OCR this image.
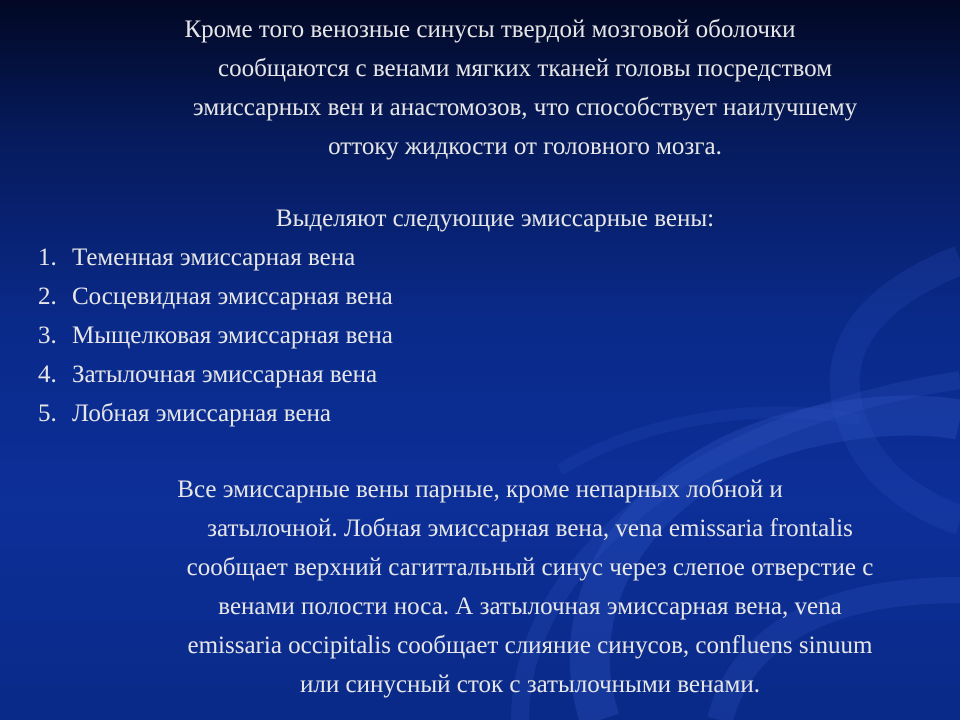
Кроме того венозные синусы твердой мозговой оболочки
сообщаются с венами мягких тканей головы посредством
эмиссарных вен и анастомозов, что способствует наилучшему
оттоку жидкости от головного мозга.
Выделяют следующие эмиссарные вены:
1. Теменная эмиссарная вена
2. Сосцевидная эмиссарная вена
3. Мыщелковая эмиссарная вена
4. Затылочная эмиссарная вена
5. Лобная эмиссарная вена
Все эмиссарные вены парные, кроме непарных лобной и
затылочной. Лобная эмиссарная вена, vena emissaria frontalis
сообщает верхний сагиттальный синус через слепое отверстие с
венами полости носа. А затылочная эмиссарная вена, vena
emissaria occipitalis сообщает слияние синусов, confluens sinuum
или синусный сток с затылочными венами.
